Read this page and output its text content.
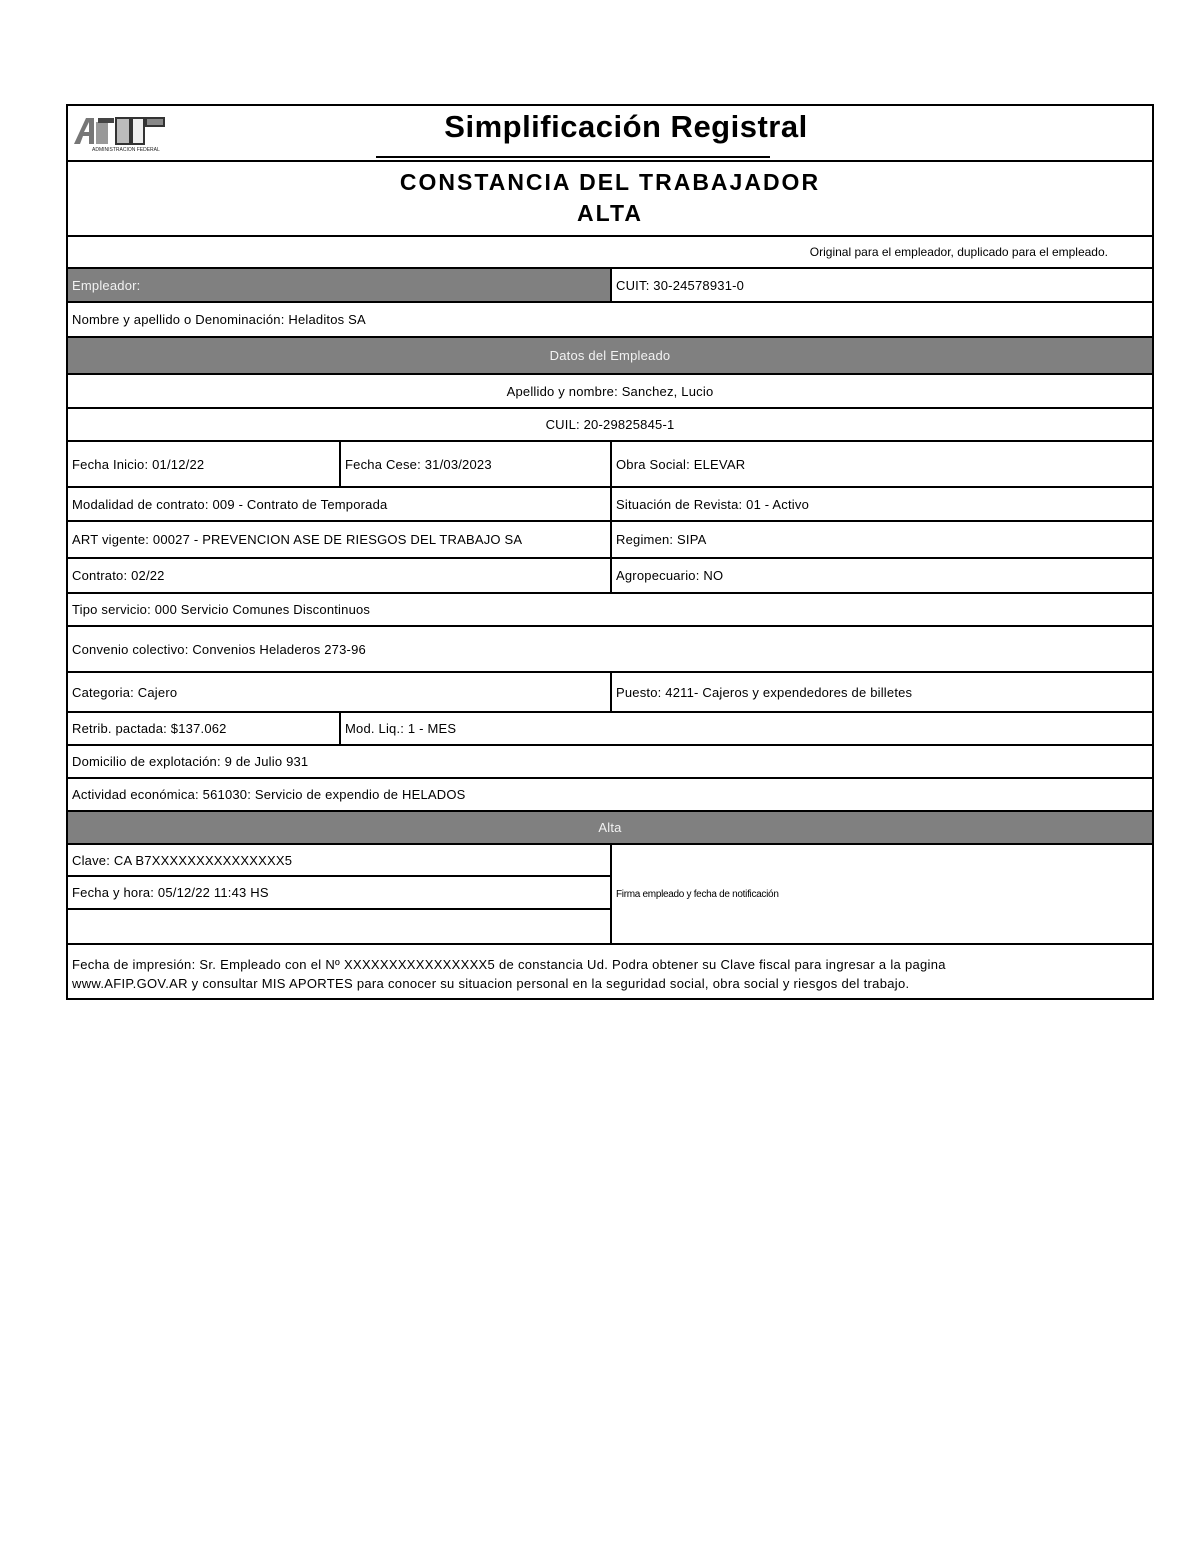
ADMINISTRACION FEDERAL
Simplificación Registral
CONSTANCIA DEL TRABAJADOR
ALTA
Original para el empleador, duplicado para el empleado.
Empleador:	CUIT: 30-24578931-0
Nombre y apellido o Denominación: Heladitos SA
Datos del Empleado
Apellido y nombre: Sanchez, Lucio
CUIL: 20-29825845-1
Fecha Inicio: 01/12/22	Fecha Cese: 31/03/2023	Obra Social: ELEVAR
Modalidad de contrato: 009 - Contrato de Temporada	Situación de Revista: 01 - Activo
ART vigente: 00027 - PREVENCION ASE DE RIESGOS DEL TRABAJO SA	Regimen: SIPA
Contrato: 02/22	Agropecuario: NO
Tipo servicio: 000 Servicio Comunes Discontinuos
Convenio colectivo: Convenios Heladeros 273-96
Categoria: Cajero	Puesto: 4211- Cajeros y expendedores de billetes
Retrib. pactada: $137.062	Mod. Liq.: 1 - MES
Domicilio de explotación: 9 de Julio 931
Actividad económica: 561030: Servicio de expendio de HELADOS
Alta
Clave: CA B7XXXXXXXXXXXXXXX5
Fecha y hora: 05/12/22 11:43 HS	Firma empleado y fecha de notificación
Fecha de impresión: Sr. Empleado con el Nº XXXXXXXXXXXXXXXX5 de constancia Ud. Podra obtener su Clave fiscal para ingresar a la pagina
www.AFIP.GOV.AR y consultar MIS APORTES para conocer su situacion personal en la seguridad social, obra social y riesgos del trabajo.
